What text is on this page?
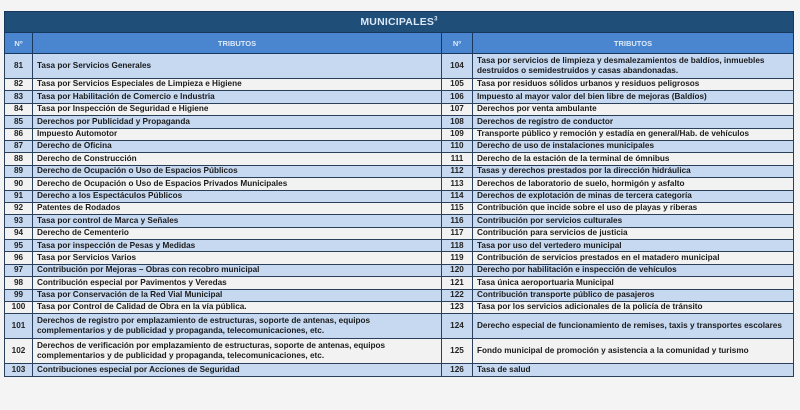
MUNICIPALES$^3$
Nº	TRIBUTOS	Nº	TRIBUTOS
81	Tasa por Servicios Generales	104	Tasa por servicios de limpieza y desmalezamientos de baldíos, inmuebles destruidos o semidestruidos y casas abandonadas.
82	Tasa por Servicios Especiales de Limpieza e Higiene	105	Tasa por residuos sólidos urbanos y residuos peligrosos
83	Tasa por Habilitación de Comercio e Industria	106	Impuesto al mayor valor del bien libre de mejoras (Baldíos)
84	Tasa por Inspección de Seguridad e Higiene	107	Derechos por venta ambulante
85	Derechos por Publicidad y Propaganda	108	Derechos de registro de conductor
86	Impuesto Automotor	109	Transporte público y remoción y estadía en general/Hab. de vehículos
87	Derecho de Oficina	110	Derecho de uso de instalaciones municipales
88	Derecho de Construcción	111	Derecho de la estación de la terminal de ómnibus
89	Derecho de Ocupación o Uso de Espacios Públicos	112	Tasas y derechos prestados por la dirección hidráulica
90	Derecho de Ocupación o Uso de Espacios Privados Municipales	113	Derechos de laboratorio de suelo, hormigón y asfalto
91	Derecho a los Espectáculos Públicos	114	Derechos de explotación de minas de tercera categoría
92	Patentes de Rodados	115	Contribución que incide sobre el uso de playas y riberas
93	Tasa por control de Marca y Señales	116	Contribución por servicios culturales
94	Derecho de Cementerio	117	Contribución para servicios de justicia
95	Tasa por inspección de Pesas y Medidas	118	Tasa por uso del vertedero municipal
96	Tasa por Servicios Varios	119	Contribución de servicios prestados en el matadero municipal
97	Contribución por Mejoras – Obras con recobro municipal	120	Derecho por habilitación e inspección de vehículos
98	Contribución especial por Pavimentos y Veredas	121	Tasa única aeroportuaria Municipal
99	Tasa por Conservación de la Red Vial Municipal	122	Contribución transporte público de pasajeros
100	Tasa por Control de Calidad de Obra en la vía pública.	123	Tasa por los servicios adicionales de la policía de tránsito
101	Derechos de registro por emplazamiento de estructuras, soporte de antenas, equipos complementarios y de publicidad y propaganda, telecomunicaciones, etc.	124	Derecho especial de funcionamiento de remises, taxis y transportes escolares
102	Derechos de verificación por emplazamiento de estructuras, soporte de antenas, equipos complementarios y de publicidad y propaganda, telecomunicaciones, etc.	125	Fondo municipal de promoción y asistencia a la comunidad y turismo
103	Contribuciones especial por Acciones de Seguridad	126	Tasa de salud
